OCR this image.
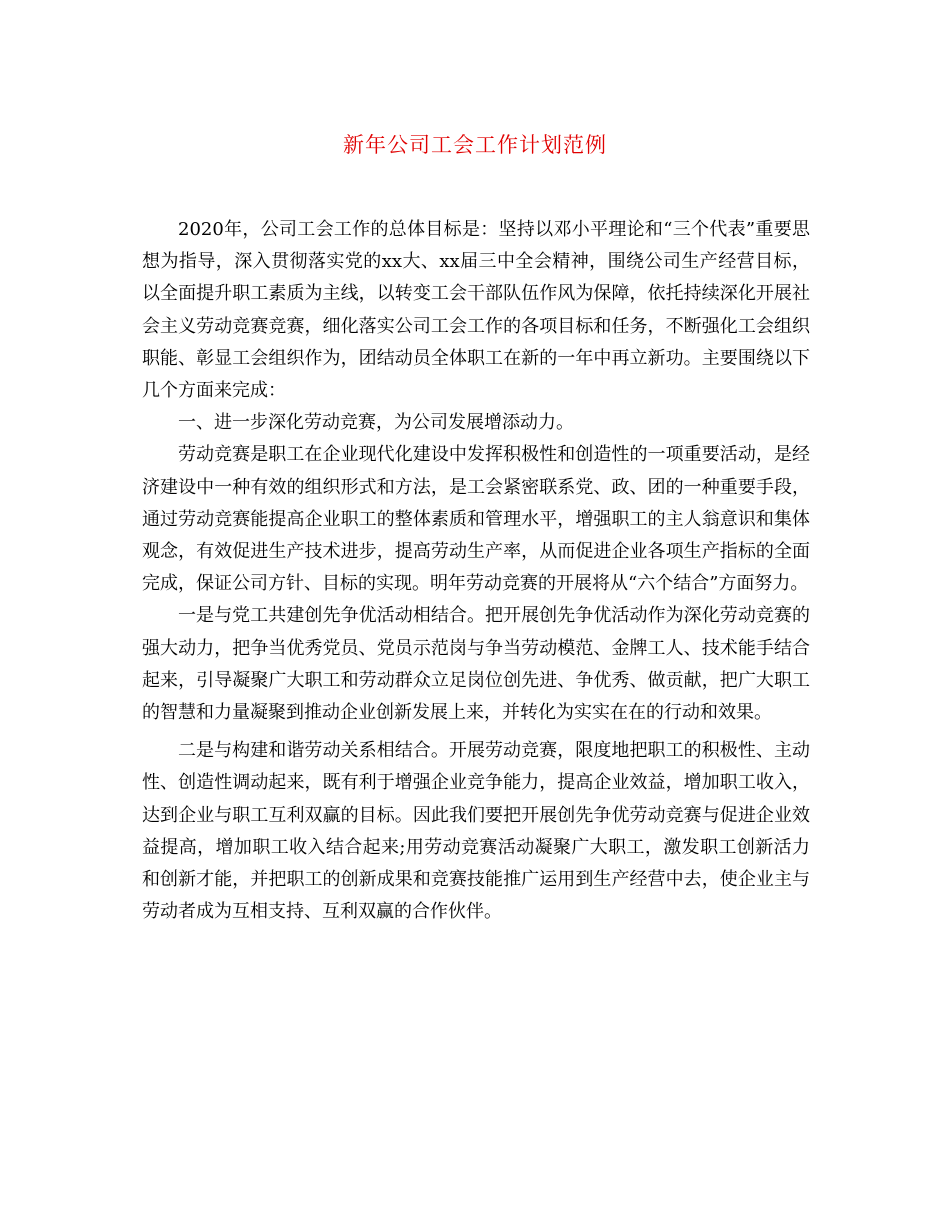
新年公司工会工作计划范例

2020年，公司工会工作的总体目标是：坚持以邓小平理论和“三个代表”重要思想为指导，深入贯彻落实党的xx大、xx届三中全会精神，围绕公司生产经营目标，以全面提升职工素质为主线，以转变工会干部队伍作风为保障，依托持续深化开展社会主义劳动竞赛竞赛，细化落实公司工会工作的各项目标和任务，不断强化工会组织职能、彰显工会组织作为，团结动员全体职工在新的一年中再立新功。主要围绕以下几个方面来完成：

一、进一步深化劳动竞赛，为公司发展增添动力。

劳动竞赛是职工在企业现代化建设中发挥积极性和创造性的一项重要活动，是经济建设中一种有效的组织形式和方法，是工会紧密联系党、政、团的一种重要手段，通过劳动竞赛能提高企业职工的整体素质和管理水平，增强职工的主人翁意识和集体观念，有效促进生产技术进步，提高劳动生产率，从而促进企业各项生产指标的全面完成，保证公司方针、目标的实现。明年劳动竞赛的开展将从“六个结合”方面努力。

一是与党工共建创先争优活动相结合。把开展创先争优活动作为深化劳动竞赛的强大动力，把争当优秀党员、党员示范岗与争当劳动模范、金牌工人、技术能手结合起来，引导凝聚广大职工和劳动群众立足岗位创先进、争优秀、做贡献，把广大职工的智慧和力量凝聚到推动企业创新发展上来，并转化为实实在在的行动和效果。

二是与构建和谐劳动关系相结合。开展劳动竞赛，限度地把职工的积极性、主动性、创造性调动起来，既有利于增强企业竞争能力，提高企业效益，增加职工收入，达到企业与职工互利双赢的目标。因此我们要把开展创先争优劳动竞赛与促进企业效益提高，增加职工收入结合起来;用劳动竞赛活动凝聚广大职工，激发职工创新活力和创新才能，并把职工的创新成果和竞赛技能推广运用到生产经营中去，使企业主与劳动者成为互相支持、互利双赢的合作伙伴。
